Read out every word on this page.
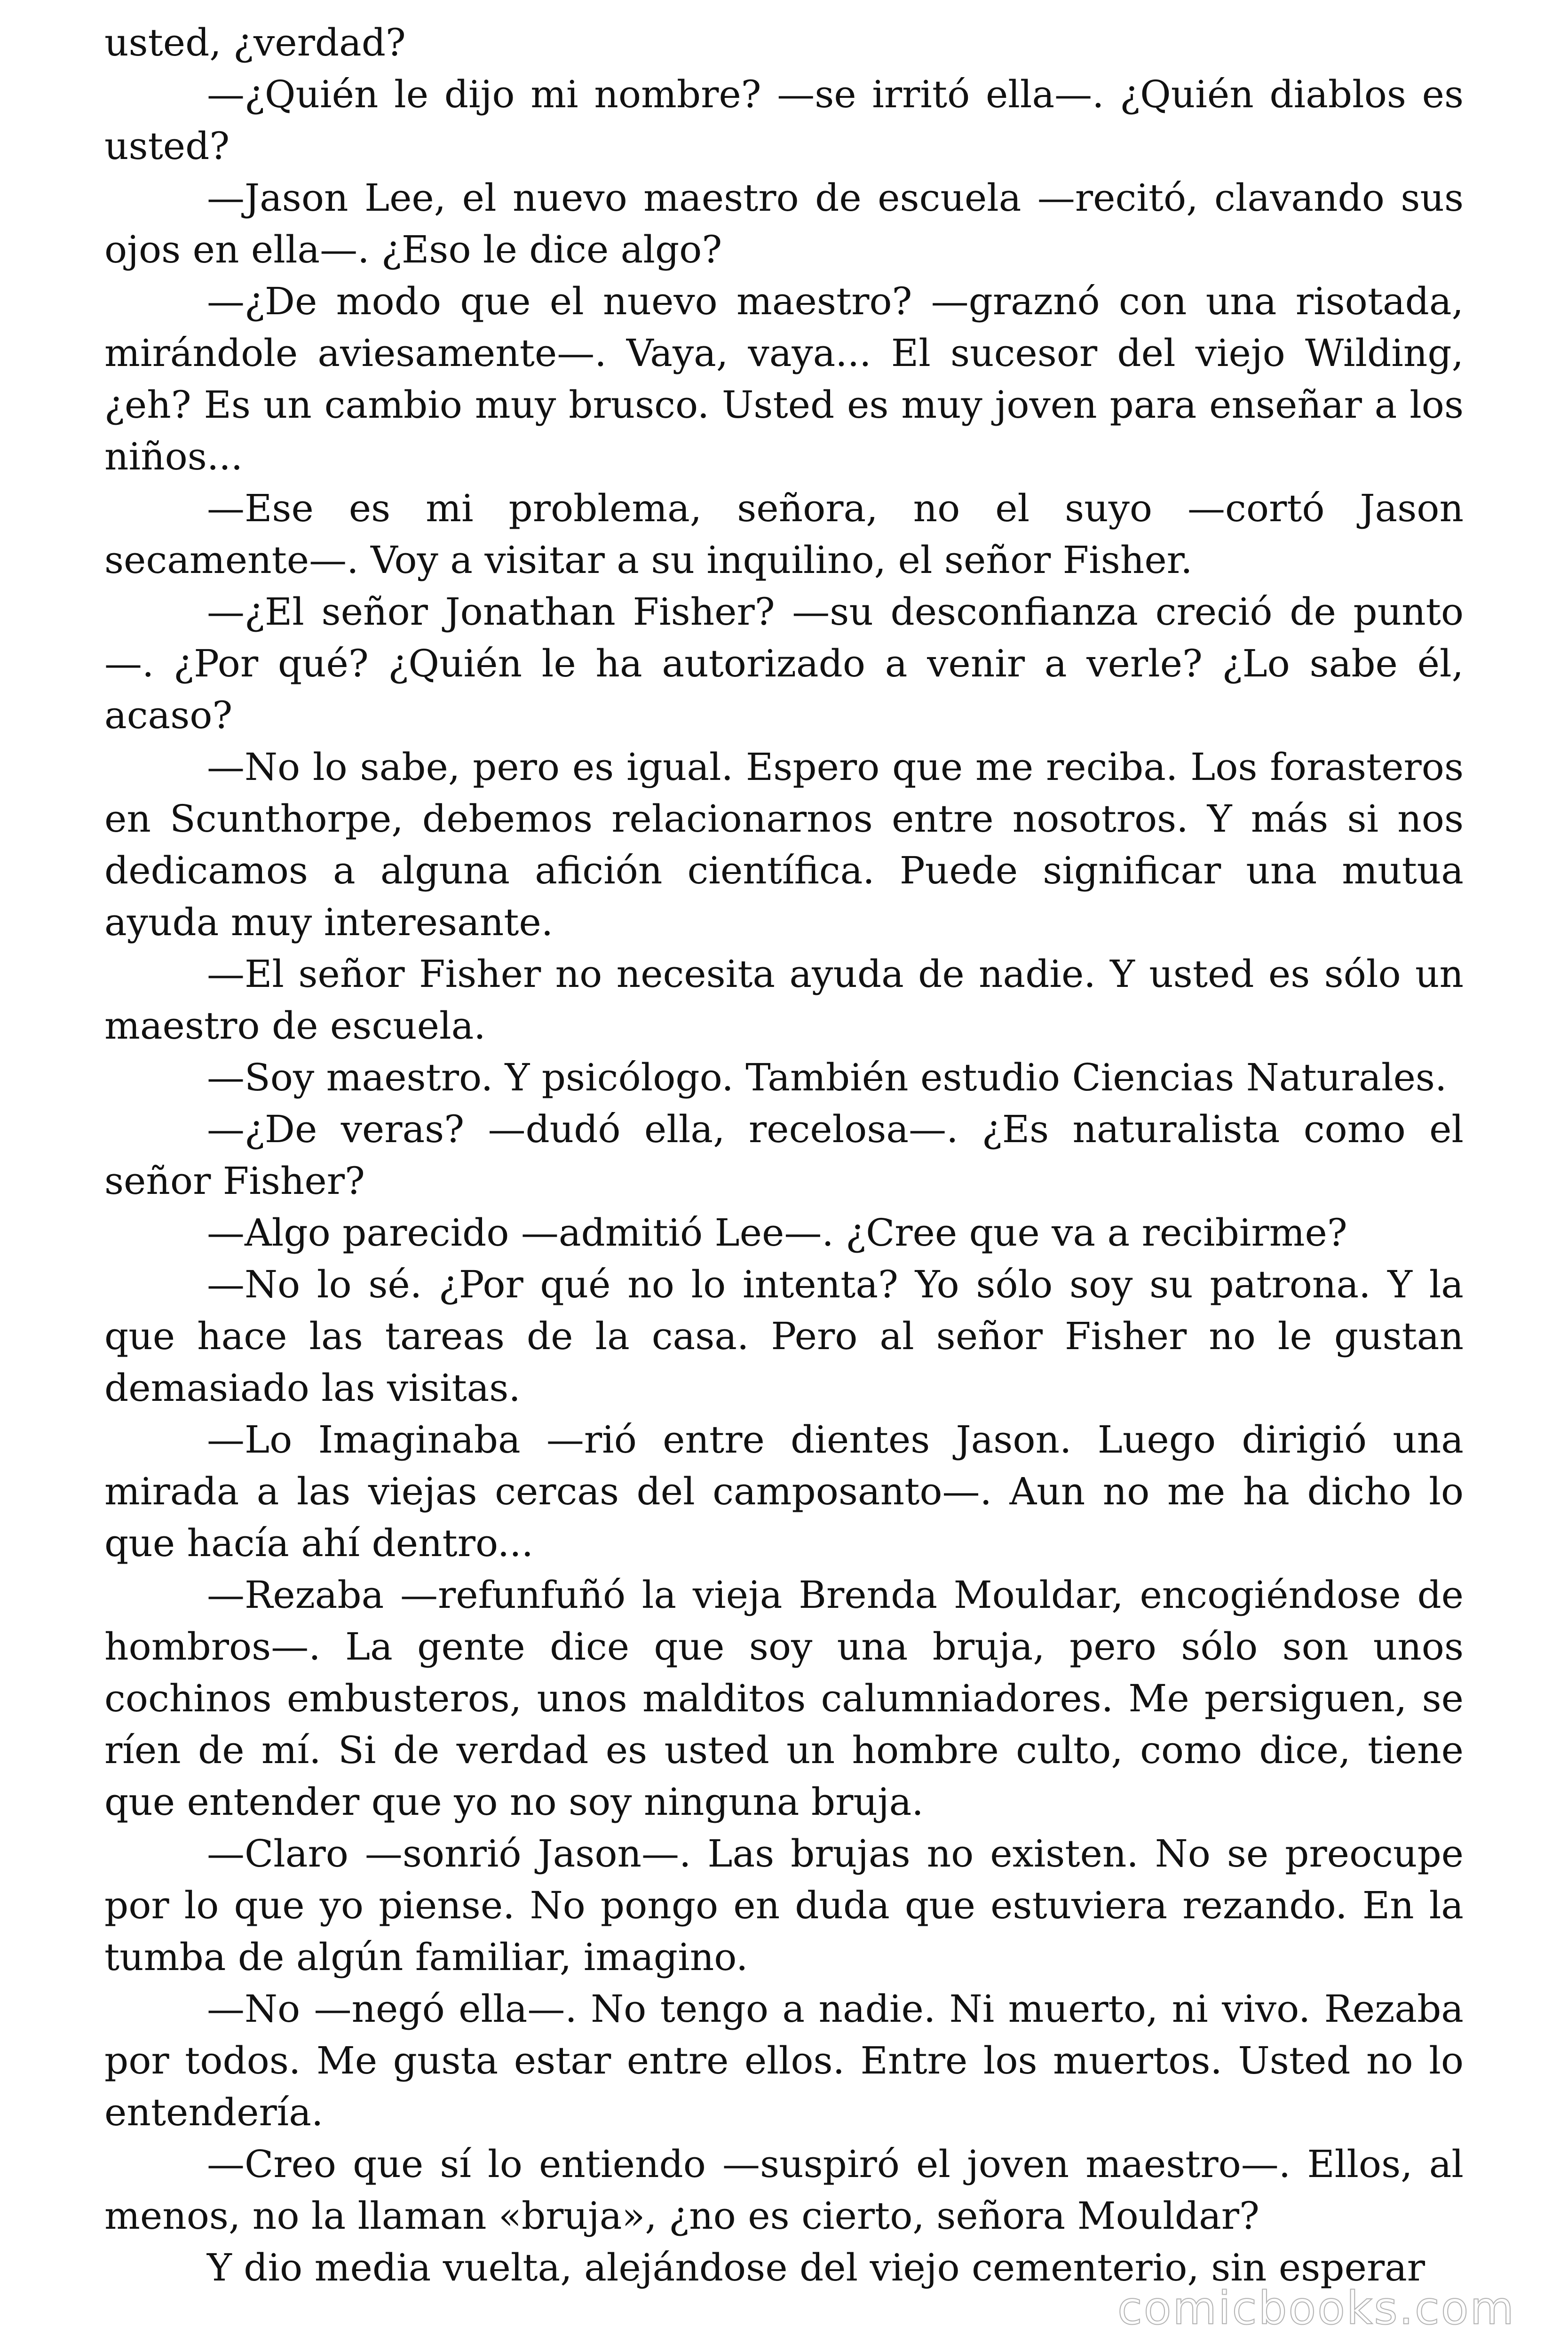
usted, ¿verdad?

—¿Quién le dijo mi nombre? —se irritó ella—. ¿Quién diablos es usted?

—Jason Lee, el nuevo maestro de escuela —recitó, clavando sus ojos en ella—. ¿Eso le dice algo?

—¿De modo que el nuevo maestro? —graznó con una risotada, mirándole aviesamente—. Vaya, vaya... El sucesor del viejo Wilding, ¿eh? Es un cambio muy brusco. Usted es muy joven para enseñar a los niños...

—Ese es mi problema, señora, no el suyo —cortó Jason secamente—. Voy a visitar a su inquilino, el señor Fisher.

—¿El señor Jonathan Fisher? —su desconfianza creció de punto —. ¿Por qué? ¿Quién le ha autorizado a venir a verle? ¿Lo sabe él, acaso?

—No lo sabe, pero es igual. Espero que me reciba. Los forasteros en Scunthorpe, debemos relacionarnos entre nosotros. Y más si nos dedicamos a alguna afición científica. Puede significar una mutua ayuda muy interesante.

—El señor Fisher no necesita ayuda de nadie. Y usted es sólo un maestro de escuela.

—Soy maestro. Y psicólogo. También estudio Ciencias Naturales.

—¿De veras? —dudó ella, recelosa—. ¿Es naturalista como el señor Fisher?

—Algo parecido —admitió Lee—. ¿Cree que va a recibirme?

—No lo sé. ¿Por qué no lo intenta? Yo sólo soy su patrona. Y la que hace las tareas de la casa. Pero al señor Fisher no le gustan demasiado las visitas.

—Lo Imaginaba —rió entre dientes Jason. Luego dirigió una mirada a las viejas cercas del camposanto—. Aun no me ha dicho lo que hacía ahí dentro...

—Rezaba —refunfuñó la vieja Brenda Mouldar, encogiéndose de hombros—. La gente dice que soy una bruja, pero sólo son unos cochinos embusteros, unos malditos calumniadores. Me persiguen, se ríen de mí. Si de verdad es usted un hombre culto, como dice, tiene que entender que yo no soy ninguna bruja.

—Claro —sonrió Jason—. Las brujas no existen. No se preocupe por lo que yo piense. No pongo en duda que estuviera rezando. En la tumba de algún familiar, imagino.

—No —negó ella—. No tengo a nadie. Ni muerto, ni vivo. Rezaba por todos. Me gusta estar entre ellos. Entre los muertos. Usted no lo entendería.

—Creo que sí lo entiendo —suspiró el joven maestro—. Ellos, al menos, no la llaman «bruja», ¿no es cierto, señora Mouldar?

Y dio media vuelta, alejándose del viejo cementerio, sin esperar

comicbooks.com
